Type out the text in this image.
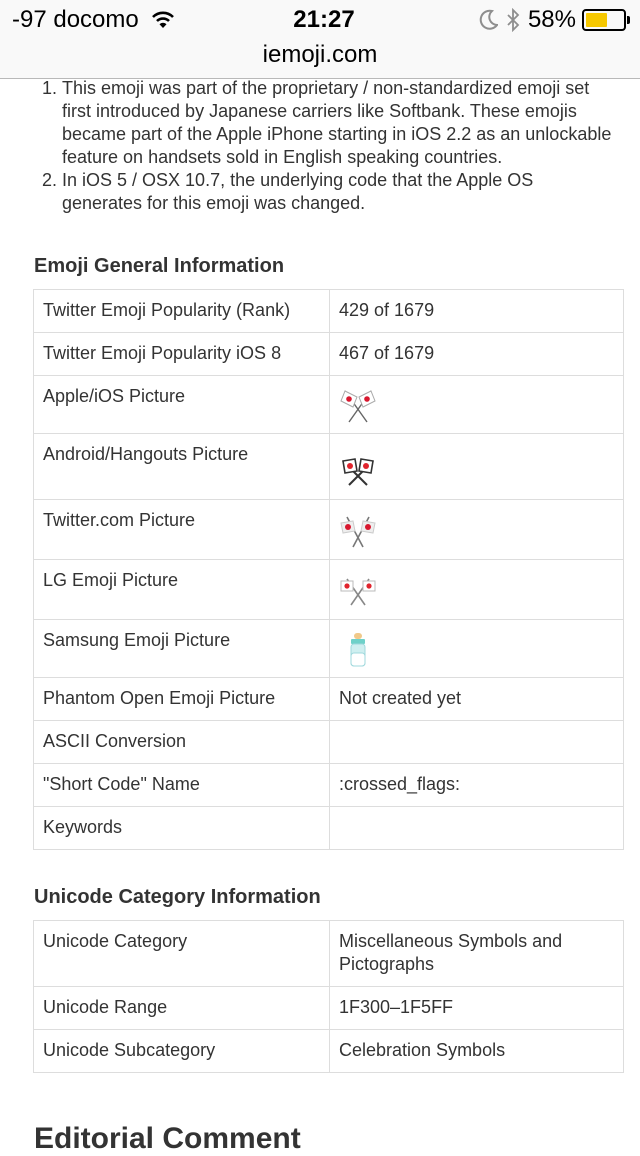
-97 docomo	21:27	58%
iemoji.com
1. This emoji was part of the proprietary / non-standardized emoji set first introduced by Japanese carriers like Softbank. These emojis became part of the Apple iPhone starting in iOS 2.2 as an unlockable feature on handsets sold in English speaking countries.
2. In iOS 5 / OSX 10.7, the underlying code that the Apple OS generates for this emoji was changed.
Emoji General Information
Twitter Emoji Popularity (Rank)	429 of 1679
Twitter Emoji Popularity iOS 8	467 of 1679
Apple/iOS Picture	

Android/Hangouts Picture	

Twitter.com Picture	

LG Emoji Picture	

Samsung Emoji Picture	

Phantom Open Emoji Picture	Not created yet
ASCII Conversion	
"Short Code" Name	:crossed_flags:
Keywords	
Unicode Category Information
Unicode Category	Miscellaneous Symbols and Pictographs
Unicode Range	1F300–1F5FF
Unicode Subcategory	Celebration Symbols
Editorial Comment
